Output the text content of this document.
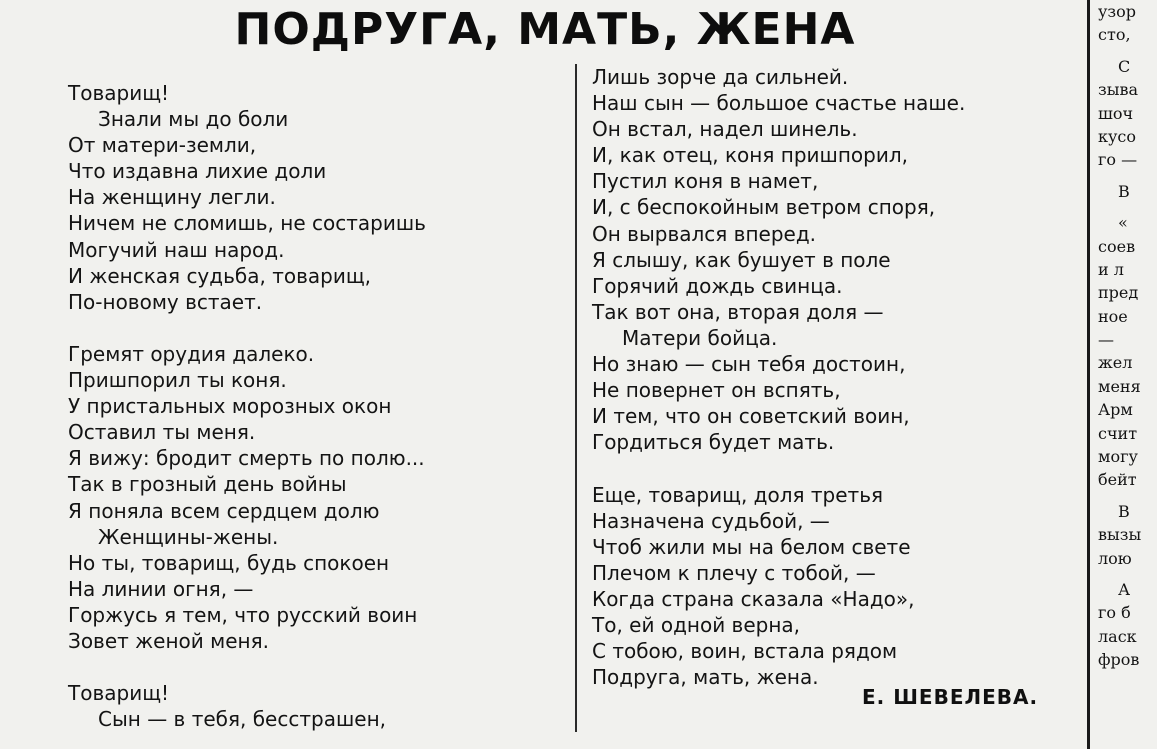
ПОДРУГА, МАТЬ, ЖЕНА
Товарищ!
Знали мы до боли
От матери-земли,
Что издавна лихие доли
На женщину легли.
Ничем не сломишь, не состаришь
Могучий наш народ.
И женская судьба, товарищ,
По-новому встает.
Гремят орудия далеко.
Пришпорил ты коня.
У пристальных морозных окон
Оставил ты меня.
Я вижу: бродит смерть по полю...
Так в грозный день войны
Я поняла всем сердцем долю
Женщины-жены.
Но ты, товарищ, будь спокоен
На линии огня, —
Горжусь я тем, что русский воин
Зовет женой меня.
Товарищ!
Сын — в тебя, бесстрашен,
Лишь зорче да сильней.
Наш сын — большое счастье наше.
Он встал, надел шинель.
И, как отец, коня пришпорил,
Пустил коня в намет,
И, с беспокойным ветром споря,
Он вырвался вперед.
Я слышу, как бушует в поле
Горячий дождь свинца.
Так вот она, вторая доля —
Матери бойца.
Но знаю — сын тебя достоин,
Не повернет он вспять,
И тем, что он советский воин,
Гордиться будет мать.
Еще, товарищ, доля третья
Назначена судьбой, —
Чтоб жили мы на белом свете
Плечом к плечу с тобой, —
Когда страна сказала «Надо»,
То, ей одной верна,
С тобою, воин, встала рядом
Подруга, мать, жена.
Е. ШЕВЕЛЕВА.
узор
сто,
С
зыва
шоч
кусо
го —
В
«
соев
и л
пред
ное
—
жел
меня
Арм
счит
могу
бейт
В
вызы
лою
А
го б
ласк
фров
